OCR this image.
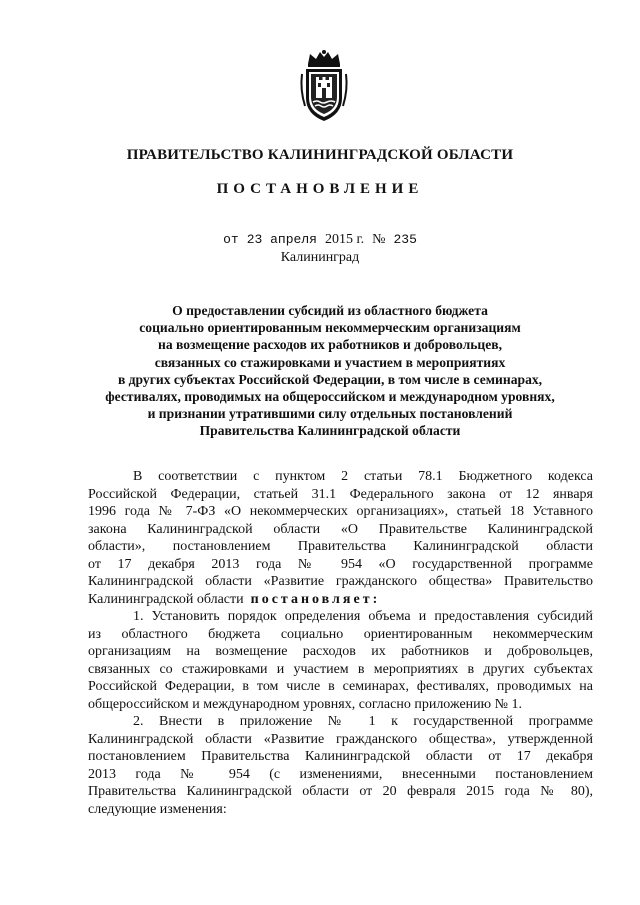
ПРАВИТЕЛЬСТВО КАЛИНИНГРАДСКОЙ ОБЛАСТИ
ПОСТАНОВЛЕНИЕ
от 23 апреля 2015 г. № 235
Калининград
О предоставлении субсидий из областного бюджета
социально ориентированным некоммерческим организациям
на возмещение расходов их работников и добровольцев,
связанных со стажировками и участием в мероприятиях
в других субъектах Российской Федерации, в том числе в семинарах,
фестивалях, проводимых на общероссийском и международном уровнях,
и признании утратившими силу отдельных постановлений
Правительства Калининградской области
В соответствии с пунктом 2 статьи 78.1 Бюджетного кодекса
Российской Федерации, статьей 31.1 Федерального закона от 12 января
1996 года № 7-ФЗ «О некоммерческих организациях», статьей 18 Уставного
закона Калининградской области «О Правительстве Калининградской
области», постановлением Правительства Калининградской области
от 17 декабря 2013 года № 954 «О государственной программе
Калининградской области «Развитие гражданского общества» Правительство
Калининградской области постановляет:
1. Установить порядок определения объема и предоставления субсидий
из областного бюджета социально ориентированным некоммерческим
организациям на возмещение расходов их работников и добровольцев,
связанных со стажировками и участием в мероприятиях в других субъектах
Российской Федерации, в том числе в семинарах, фестивалях, проводимых на
общероссийском и международном уровнях, согласно приложению № 1.
2. Внести в приложение № 1 к государственной программе
Калининградской области «Развитие гражданского общества», утвержденной
постановлением Правительства Калининградской области от 17 декабря
2013 года № 954 (с изменениями, внесенными постановлением
Правительства Калининградской области от 20 февраля 2015 года № 80),
следующие изменения:
